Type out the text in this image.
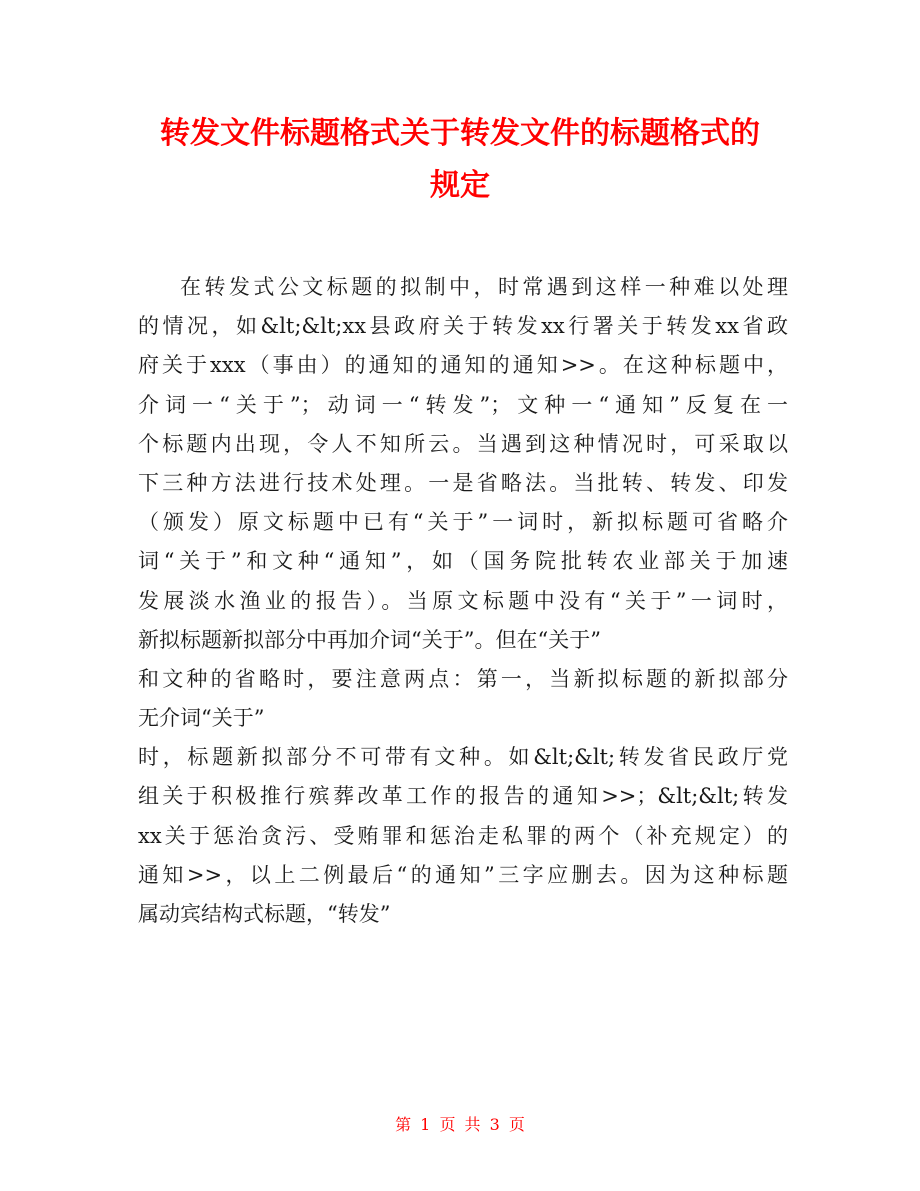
转发文件标题格式关于转发文件的标题格式的
规定
在转发式公文标题的拟制中，时常遇到这样一种难以处理
的情况，如&lt;&lt;xx县政府关于转发xx行署关于转发xx省政
府关于xxx（事由）的通知的通知的通知>>。在这种标题中，
介词一“关于”；动词一“转发”；文种一“通知”反复在一
个标题内出现，令人不知所云。当遇到这种情况时，可采取以
下三种方法进行技术处理。一是省略法。当批转、转发、印发
（颁发）原文标题中已有“关于”一词时，新拟标题可省略介
词“关于”和文种“通知”，如（国务院批转农业部关于加速
发展淡水渔业的报告）。当原文标题中没有“关于”一词时，
新拟标题新拟部分中再加介词“关于”。但在“关于”
和文种的省略时，要注意两点：第一，当新拟标题的新拟部分
无介词“关于”
时，标题新拟部分不可带有文种。如&lt;&lt;转发省民政厅党
组关于积极推行殡葬改革工作的报告的通知>>；&lt;&lt;转发
xx关于惩治贪污、受贿罪和惩治走私罪的两个（补充规定）的
通知>>，以上二例最后“的通知”三字应删去。因为这种标题
属动宾结构式标题，“转发”
第 1 页 共 3 页
